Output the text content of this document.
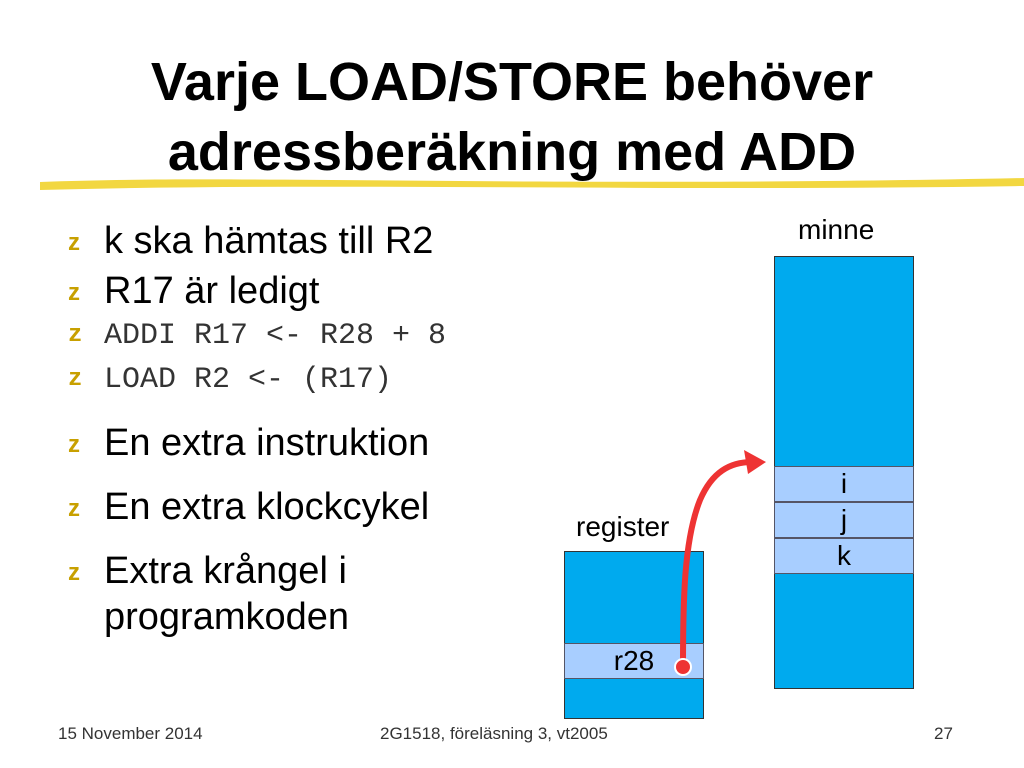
Varje LOAD/STORE behöver
adressberäkning med ADD
z k ska hämtas till R2
z R17 är ledigt
z ADDI R17 <- R28 + 8
z LOAD R2 <- (R17)
z En extra instruktion
z En extra klockcykel
z Extra krångel i
programkoden
minne
i
j
k
register
r28
15 November 2014	2G1518, föreläsning 3, vt2005	27
